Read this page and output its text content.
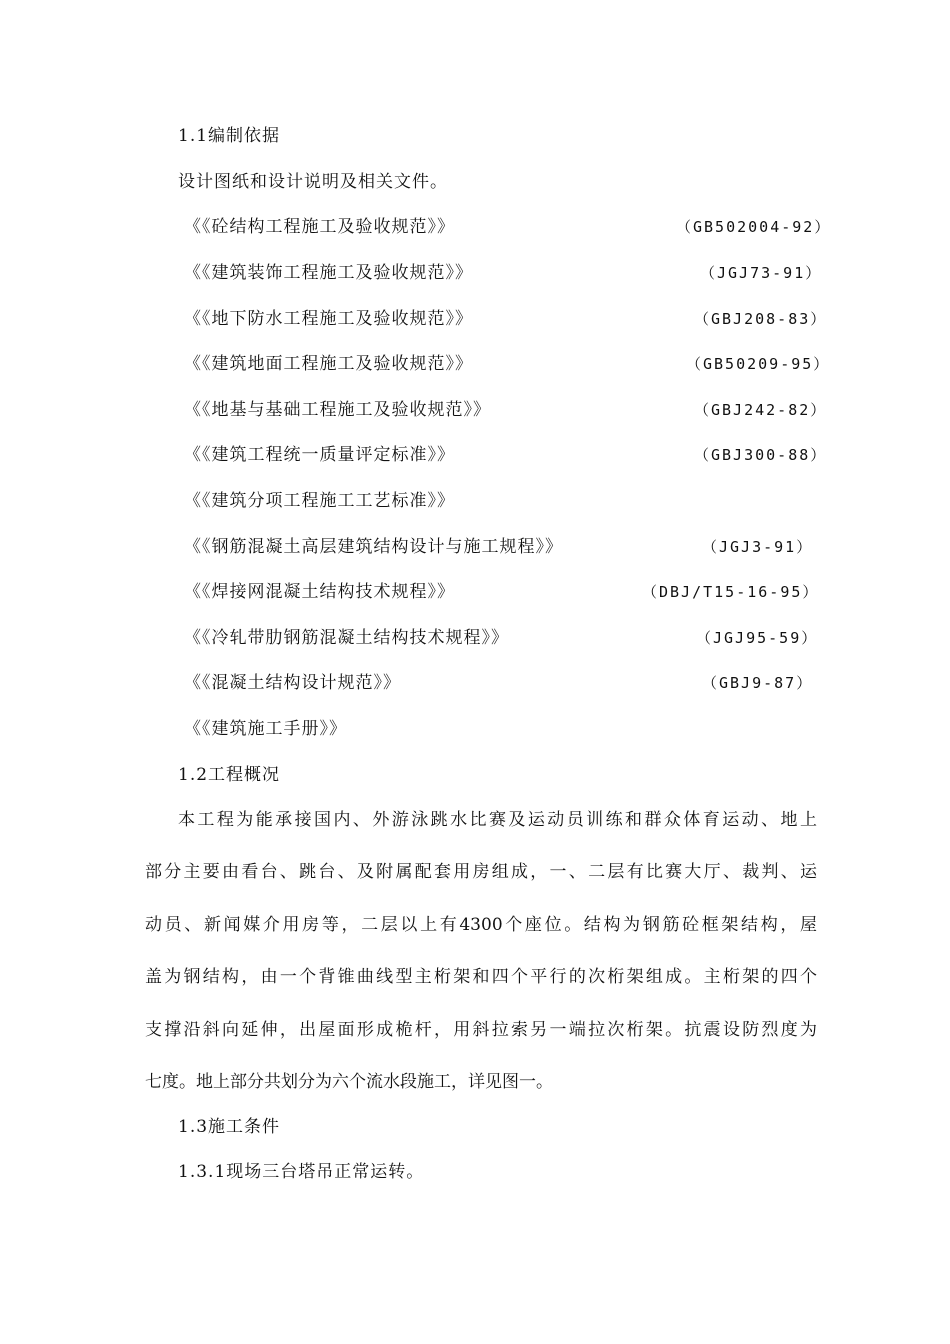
1.1编制依据
设计图纸和设计说明及相关文件。
《《砼结构工程施工及验收规范》》	（GB502004-92）
《《建筑装饰工程施工及验收规范》》	（JGJ73-91）
《《地下防水工程施工及验收规范》》	（GBJ208-83）
《《建筑地面工程施工及验收规范》》	（GB50209-95）
《《地基与基础工程施工及验收规范》》	（GBJ242-82）
《《建筑工程统一质量评定标准》》	（GBJ300-88）
《《建筑分项工程施工工艺标准》》
《《钢筋混凝土高层建筑结构设计与施工规程》》	（JGJ3-91）
《《焊接网混凝土结构技术规程》》	（DBJ/T15-16-95）
《《冷轧带肋钢筋混凝土结构技术规程》》	（JGJ95-59）
《《混凝土结构设计规范》》	（GBJ9-87）
《《建筑施工手册》》
1.2工程概况
本工程为能承接国内、外游泳跳水比赛及运动员训练和群众体育运动、地上
部分主要由看台、跳台、及附属配套用房组成，一、二层有比赛大厅、裁判、运
动员、新闻媒介用房等，二层以上有4300个座位。结构为钢筋砼框架结构，屋
盖为钢结构，由一个背锥曲线型主桁架和四个平行的次桁架组成。主桁架的四个
支撑沿斜向延伸，出屋面形成桅杆，用斜拉索另一端拉次桁架。抗震设防烈度为
七度。地上部分共划分为六个流水段施工，详见图一。
1.3施工条件
1.3.1现场三台塔吊正常运转。
